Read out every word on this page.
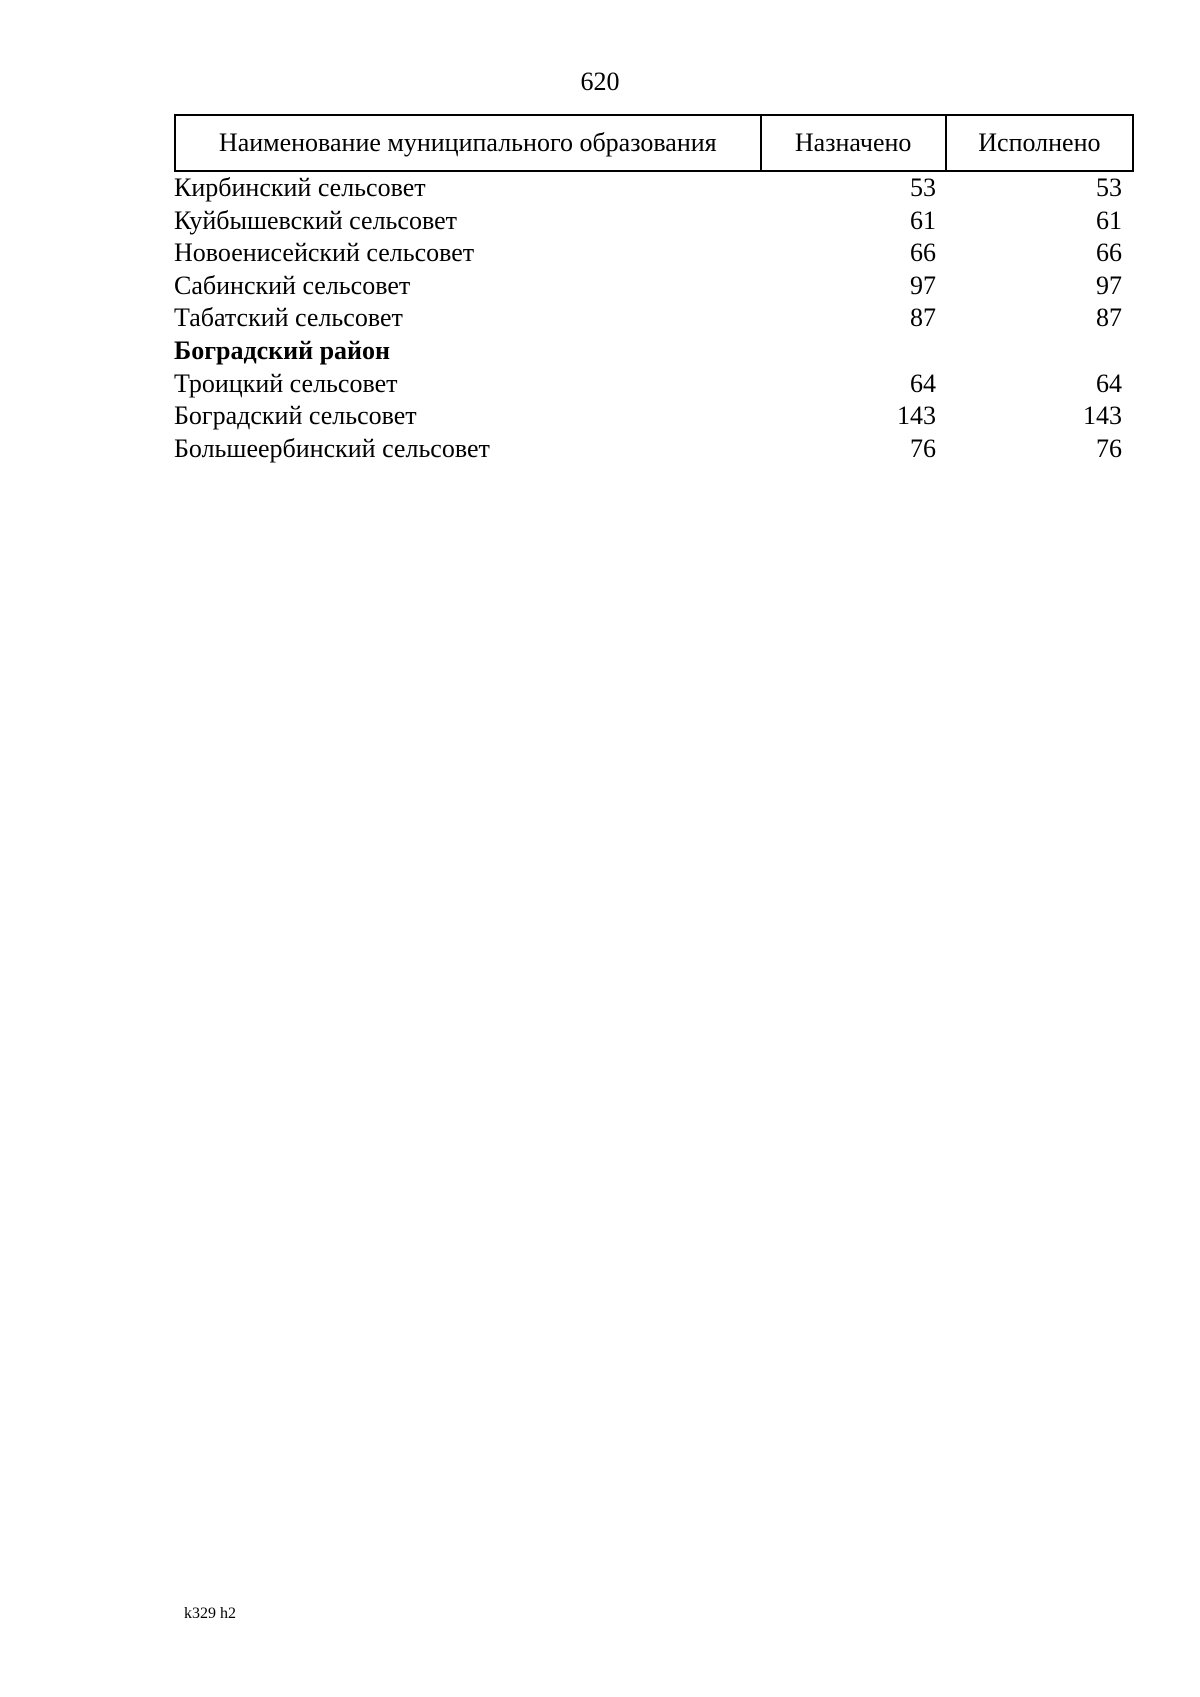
620
Наименование муниципального образования	Назначено	Исполнено
Кирбинский сельсовет	53	53
Куйбышевский сельсовет	61	61
Новоенисейский сельсовет	66	66
Сабинский сельсовет	97	97
Табатский сельсовет	87	87
Боградский район
Троицкий сельсовет	64	64
Боградский сельсовет	143	143
Большеербинский сельсовет	76	76
k329 h2
